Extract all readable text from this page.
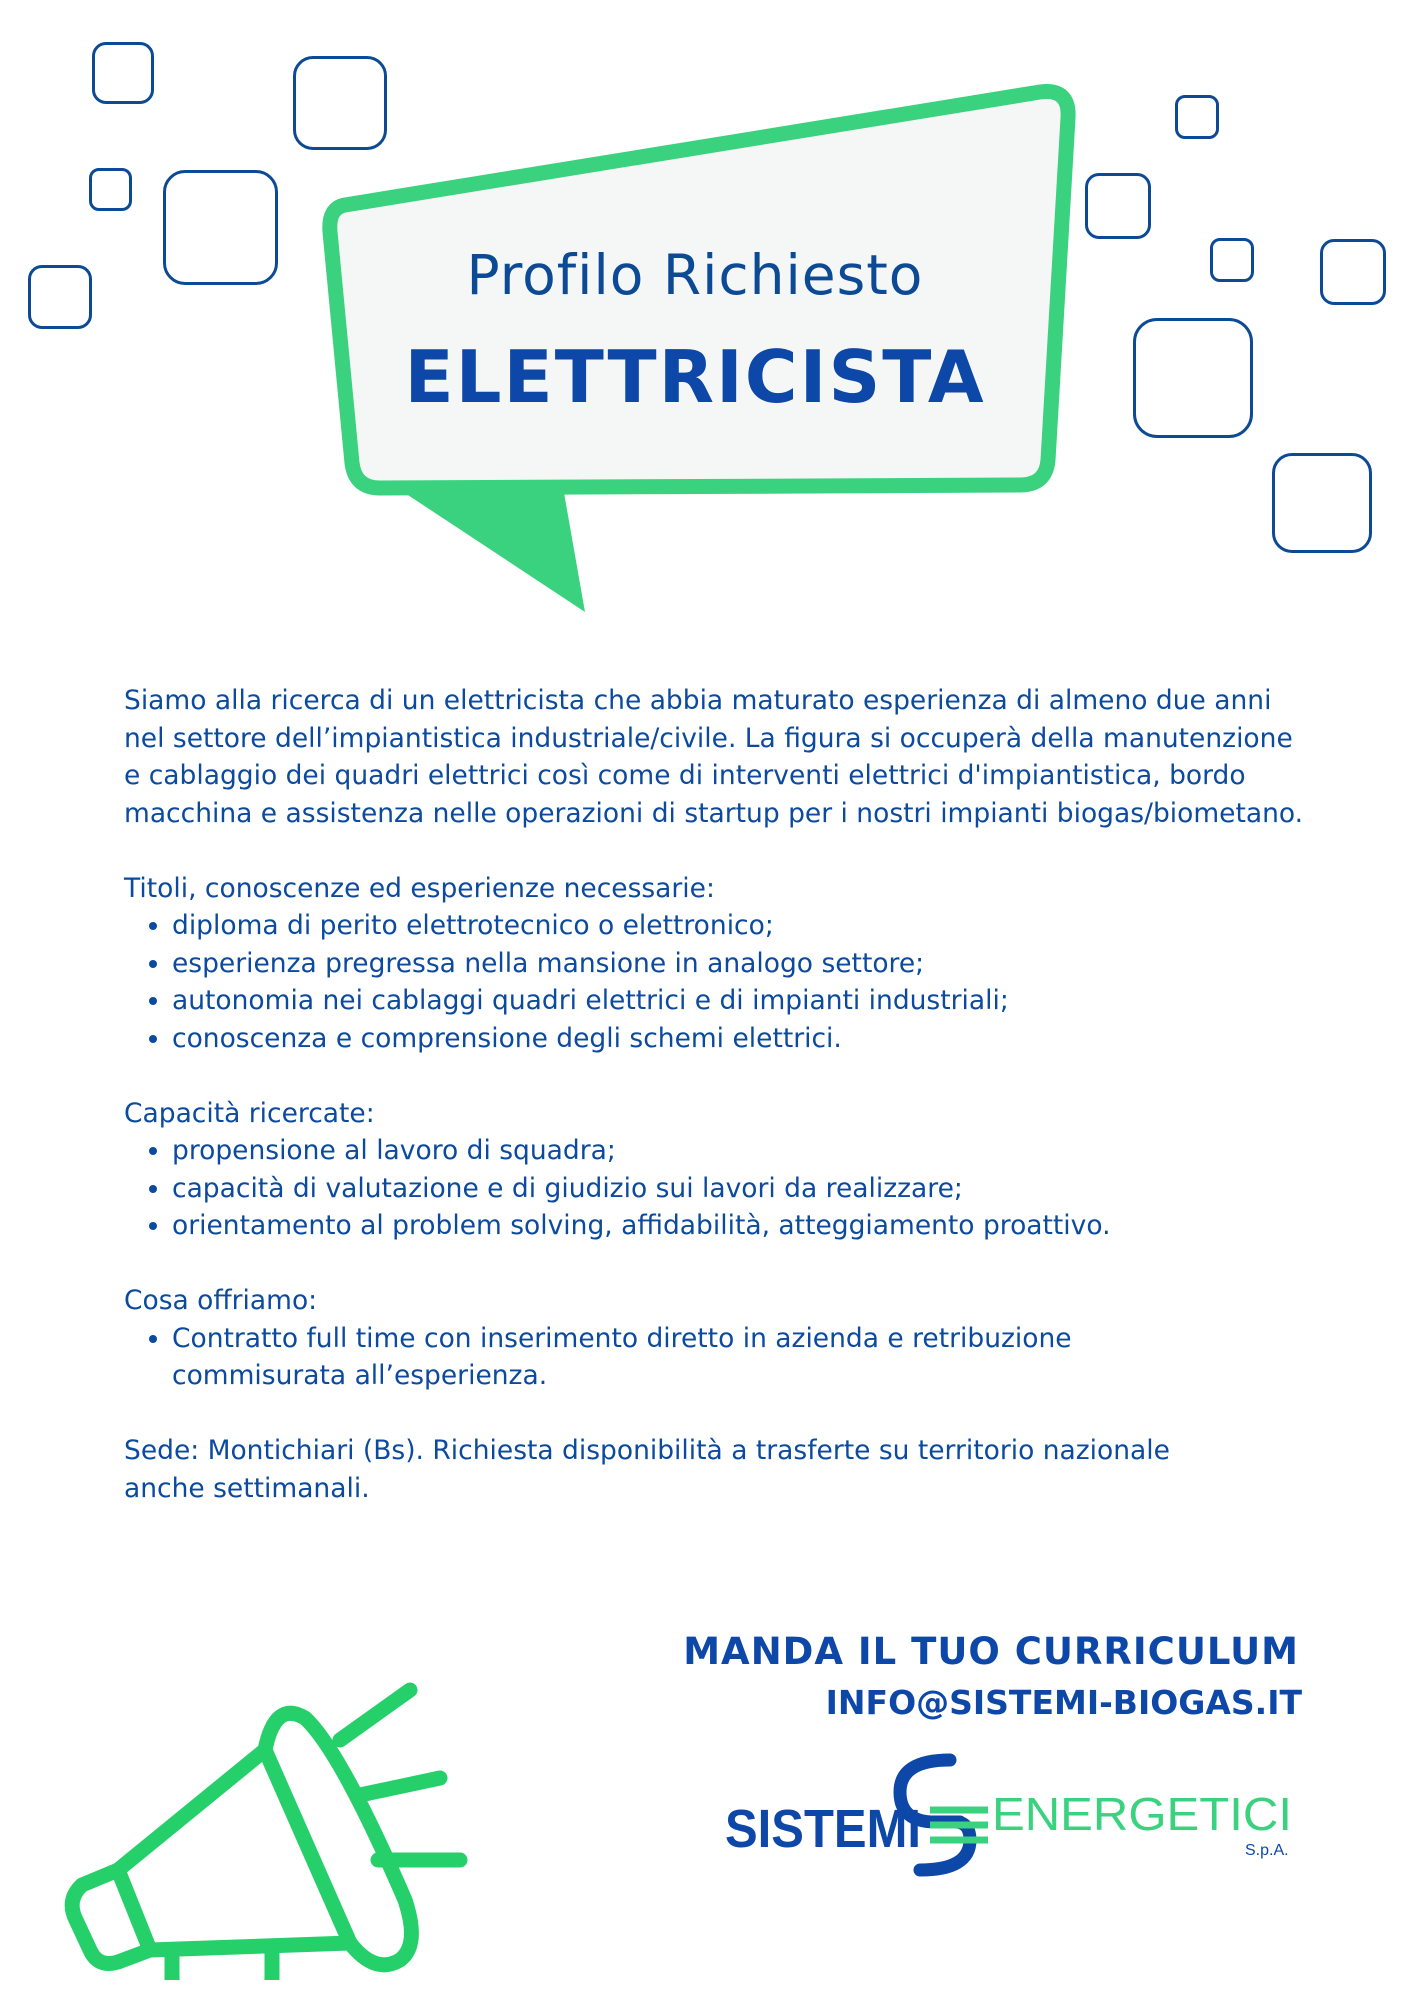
Profilo Richiesto
ELETTRICISTA

Siamo alla ricerca di un elettricista che abbia maturato esperienza di almeno due anni nel settore dell’impiantistica industriale/civile. La figura si occuperà della manutenzione e cablaggio dei quadri elettrici così come di interventi elettrici d'impiantistica, bordo macchina e assistenza nelle operazioni di startup per i nostri impianti biogas/biometano.

Titoli, conoscenze ed esperienze necessarie:

• diploma di perito elettrotecnico o elettronico;
• esperienza pregressa nella mansione in analogo settore;
• autonomia nei cablaggi quadri elettrici e di impianti industriali;
• conoscenza e comprensione degli schemi elettrici.

Capacità ricercate:

• propensione al lavoro di squadra;
• capacità di valutazione e di giudizio sui lavori da realizzare;
• orientamento al problem solving, affidabilità, atteggiamento proattivo.

Cosa offriamo:

• Contratto full time con inserimento diretto in azienda e retribuzione commisurata all’esperienza.

Sede: Montichiari (Bs). Richiesta disponibilità a trasferte su territorio nazionale anche settimanali.

MANDA IL TUO CURRICULUM
INFO@SISTEMI-BIOGAS.IT
SISTEMI ENERGETICI
S.p.A.
